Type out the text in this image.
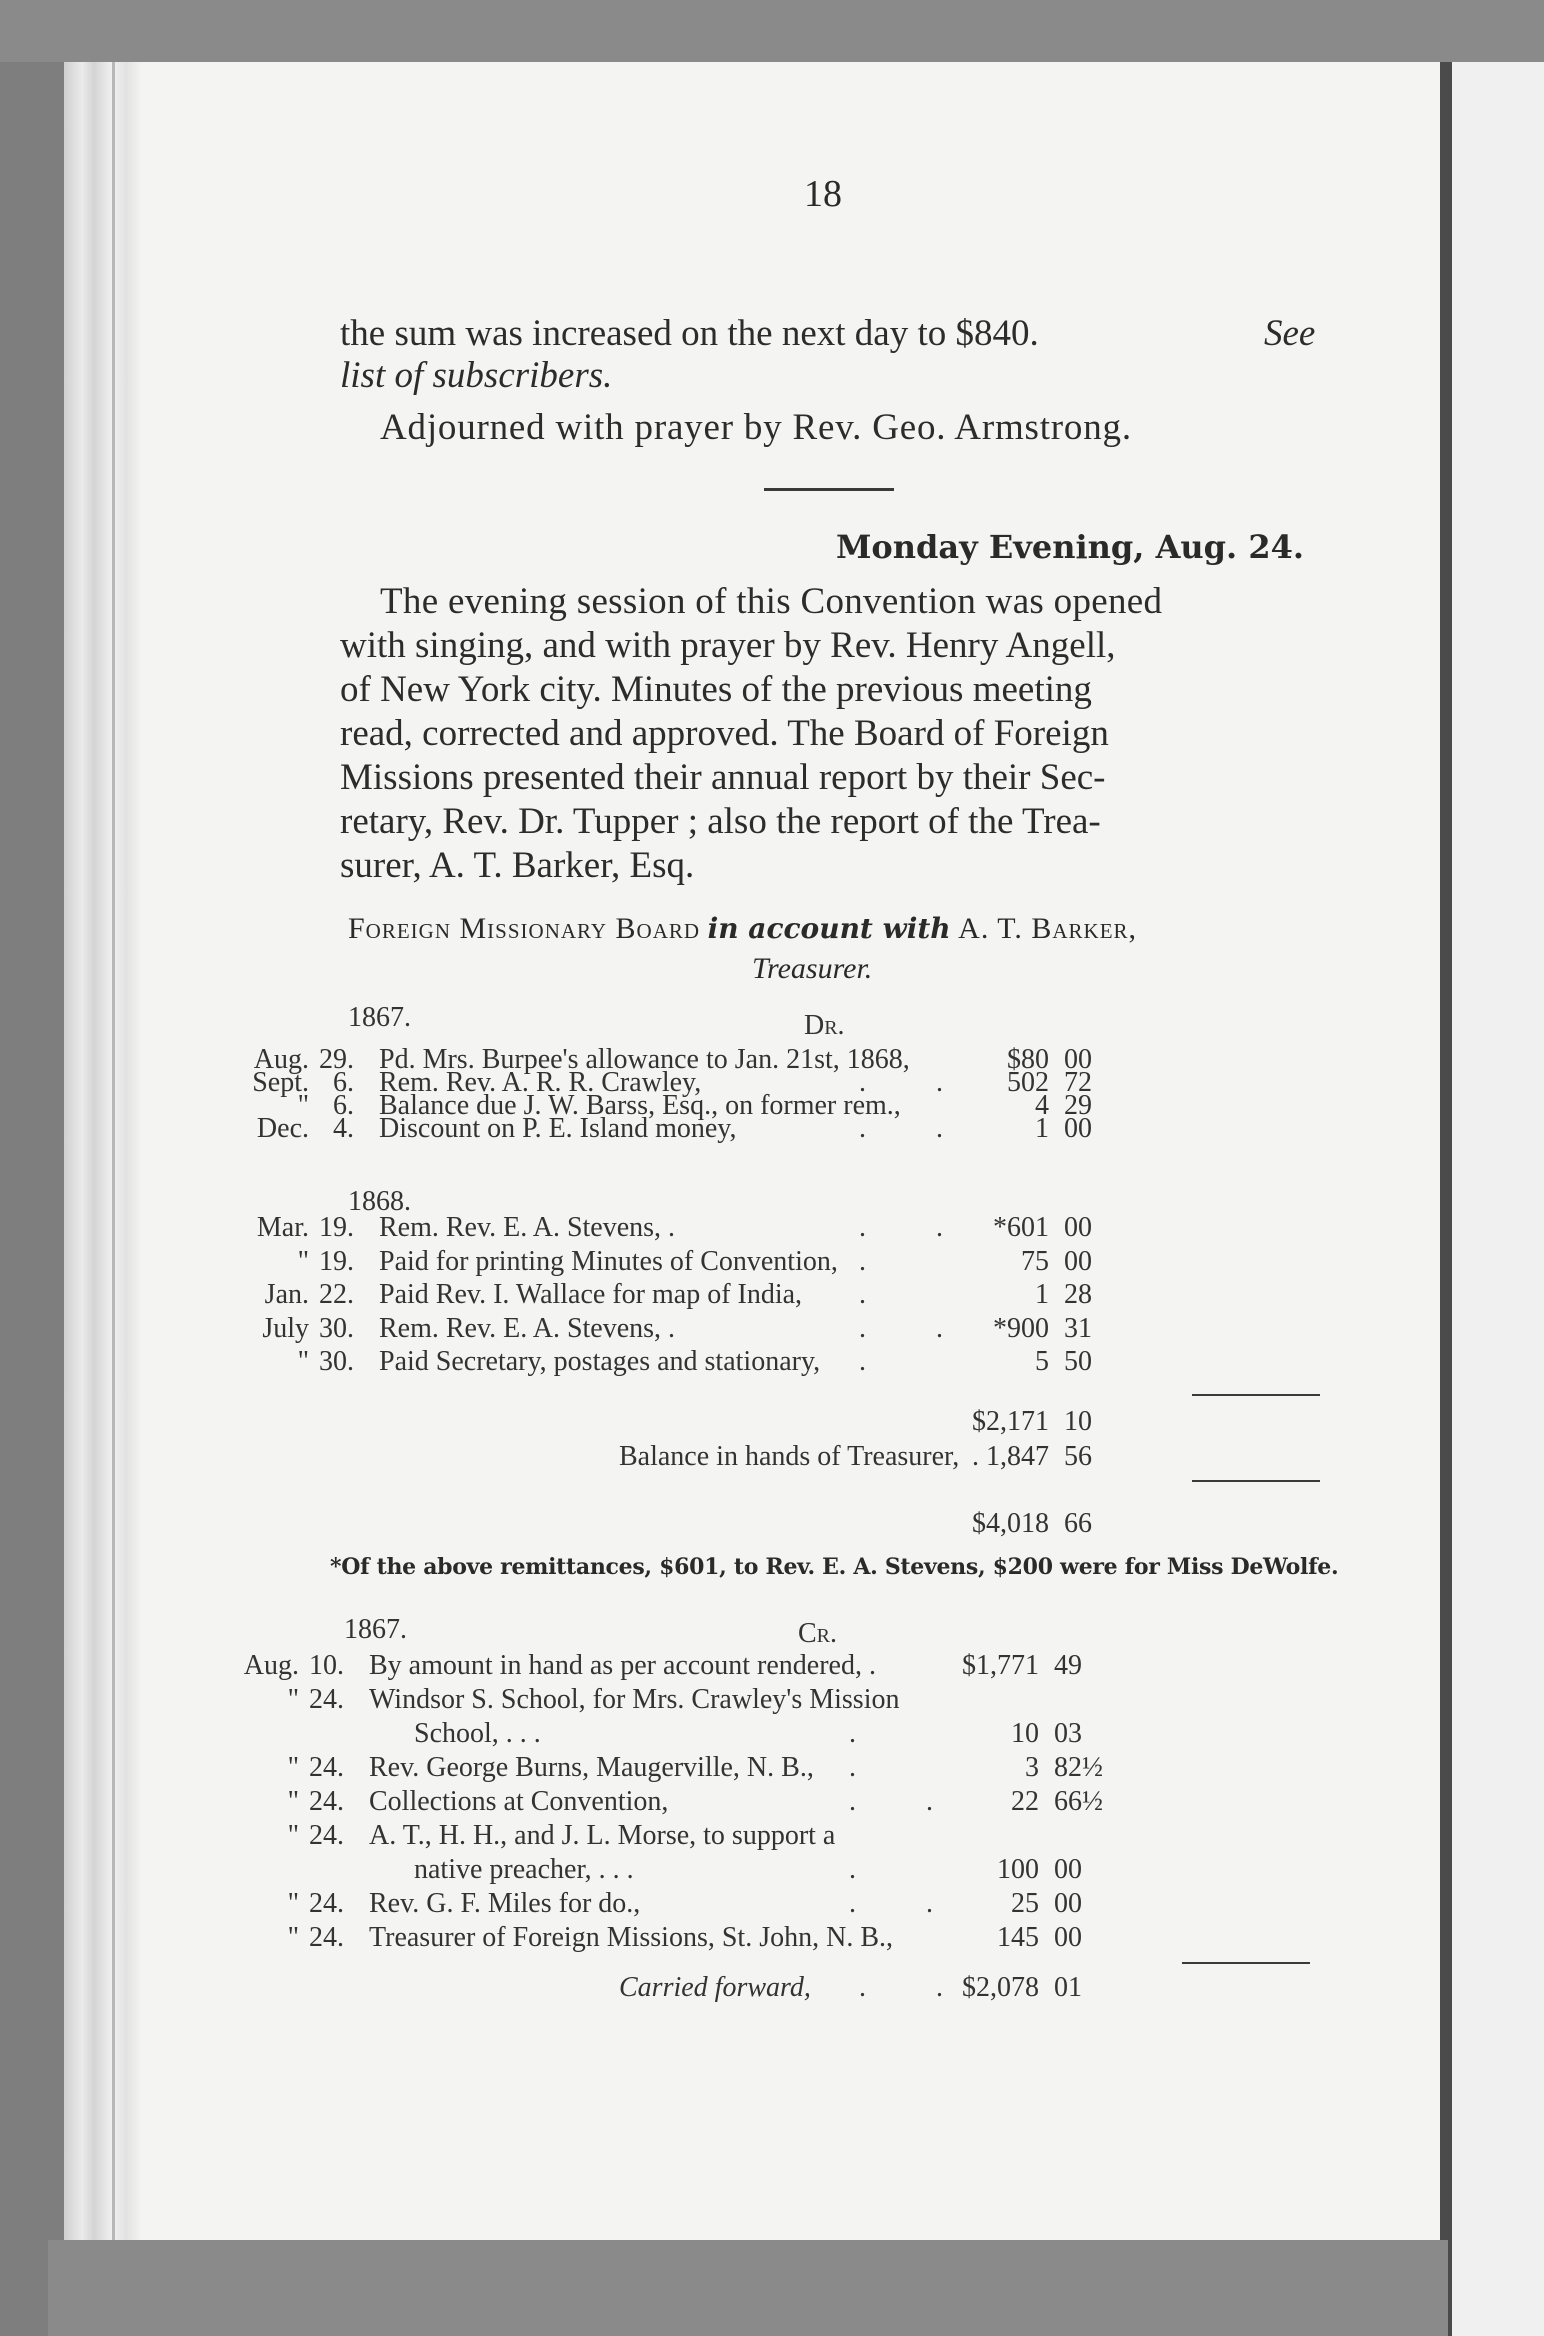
18
the sum was increased on the next day to $840.	See
list of subscribers.
Adjourned with prayer by Rev. Geo. Armstrong.
Monday Evening, Aug. 24.
The evening session of this Convention was opened
with singing, and with prayer by Rev. Henry Angell,
of New York city. Minutes of the previous meeting
read, corrected and approved. The Board of Foreign
Missions presented their annual report by their Sec-
retary, Rev. Dr. Tupper ; also the report of the Trea-
surer, A. T. Barker, Esq.
Foreign Missionary Board in account with A. T. Barker,
Treasurer.
1867.	Dr.
Aug. 29. Pd. Mrs. Burpee's allowance to Jan. 21st, 1868,	$80 00
Sept. 6. Rem. Rev. A. R. R. Crawley,	.          .	502 72
" 6. Balance due J. W. Barss, Esq., on former rem.,	4 29
Dec. 4. Discount on P. E. Island money,	.          .	1 00
1868.
Mar. 19. Rem. Rev. E. A. Stevens, .	.          .	*601 00
" 19. Paid for printing Minutes of Convention, .	75 00
Jan. 22. Paid Rev. I. Wallace for map of India, .	1 28
July 30. Rem. Rev. E. A. Stevens, .	.          .	*900 31
" 30. Paid Secretary, postages and stationary, .	5 50
$2,171 10
Balance in hands of Treasurer, . 1,847 56
$4,018 66
*Of the above remittances, $601, to Rev. E. A. Stevens, $200 were for Miss DeWolfe.
1867.	Cr.
Aug. 10. By amount in hand as per account rendered, .	$1,771 49
" 24. Windsor S. School, for Mrs. Crawley's Mission
School, . . .	.	10 03
" 24. Rev. George Burns, Maugerville, N. B., .	3 82½
" 24. Collections at Convention,	.          .	22 66½
" 24. A. T., H. H., and J. L. Morse, to support a
native preacher, . . .	.	100 00
" 24. Rev. G. F. Miles for do.,	.          .	25 00
" 24. Treasurer of Foreign Missions, St. John, N. B.,	145 00
Carried forward, .          . $2,078 01
